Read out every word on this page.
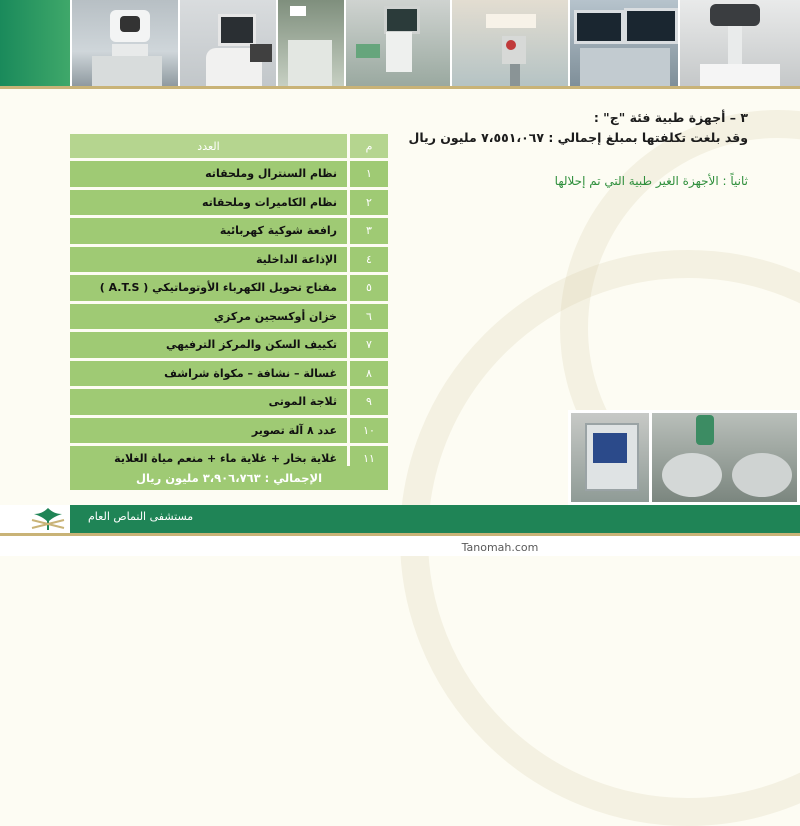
٣ – أجهزة طبية فئة "ج" :
وقد بلغت تكلفتها بمبلغ إجمالي : ٧،٥٥١،٠٦٧ مليون ريال
ثانياً : الأجهزة الغير طبية التي تم إحلالها
م	العدد
١	نظام السنترال وملحقاته
٢	نظام الكاميرات وملحقاته
٣	رافعة شوكية كهربائية
٤	الإذاعة الداخلية
٥	مفتاح تحويل الكهرباء الأوتوماتيكي ( A.T.S )
٦	خزان أوكسجين مركزي
٧	تكييف السكن والمركز الترفيهي
٨	غسالة – نشافة – مكواة شراشف
٩	ثلاجة الموتى
١٠	عدد ٨ آلة تصوير
١١	غلاية بخار + غلاية ماء + منعم مياة الغلاية
الإجمالي : ٣،٩٠٦،٧٦٣ مليون ريال
مستشفى النماص العام
Tanomah.com
